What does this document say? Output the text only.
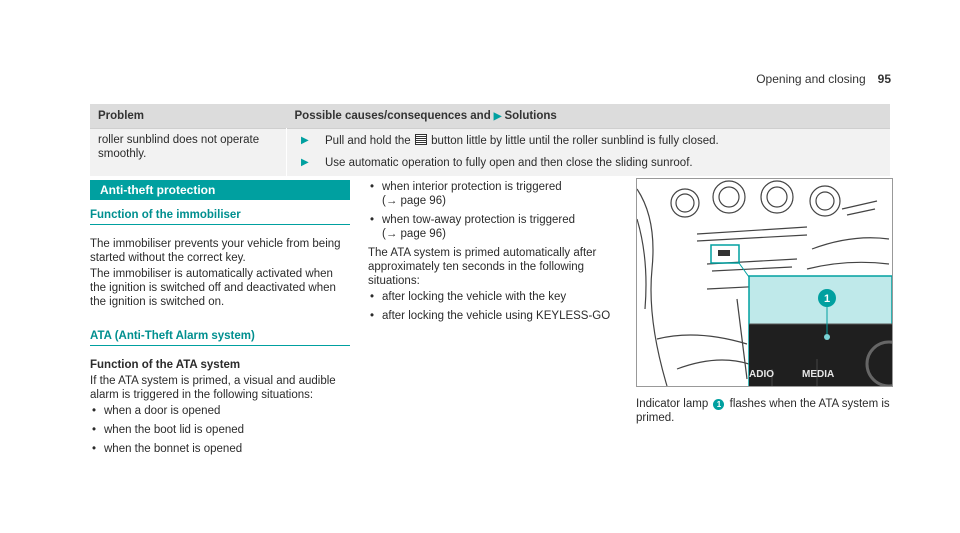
Opening and closing 95
Problem	Possible causes/consequences and ▶ Solutions
roller sunblind does not operate smoothly.	▶ Pull and hold the button little by little until the roller sunblind is fully closed.
▶ Use automatic operation to fully open and then close the sliding sunroof.
Anti-theft protection
Function of the immobiliser

The immobiliser prevents your vehicle from being started without the correct key.

The immobiliser is automatically activated when the ignition is switched off and deactivated when the ignition is switched on.

ATA (Anti-Theft Alarm system)
Function of the ATA system

If the ATA system is primed, a visual and audible alarm is triggered in the following situations:

• when a door is opened
• when the boot lid is opened
• when the bonnet is opened
• when interior protection is triggered
(→ page 96)
• when tow-away protection is triggered
(→ page 96)

The ATA system is primed automatically after approximately ten seconds in the following situations:

• after locking the vehicle with the key
• after locking the vehicle using KEYLESS-GO
1
ADIO	MEDIA

Indicator lamp 1 flashes when the ATA system is primed.
